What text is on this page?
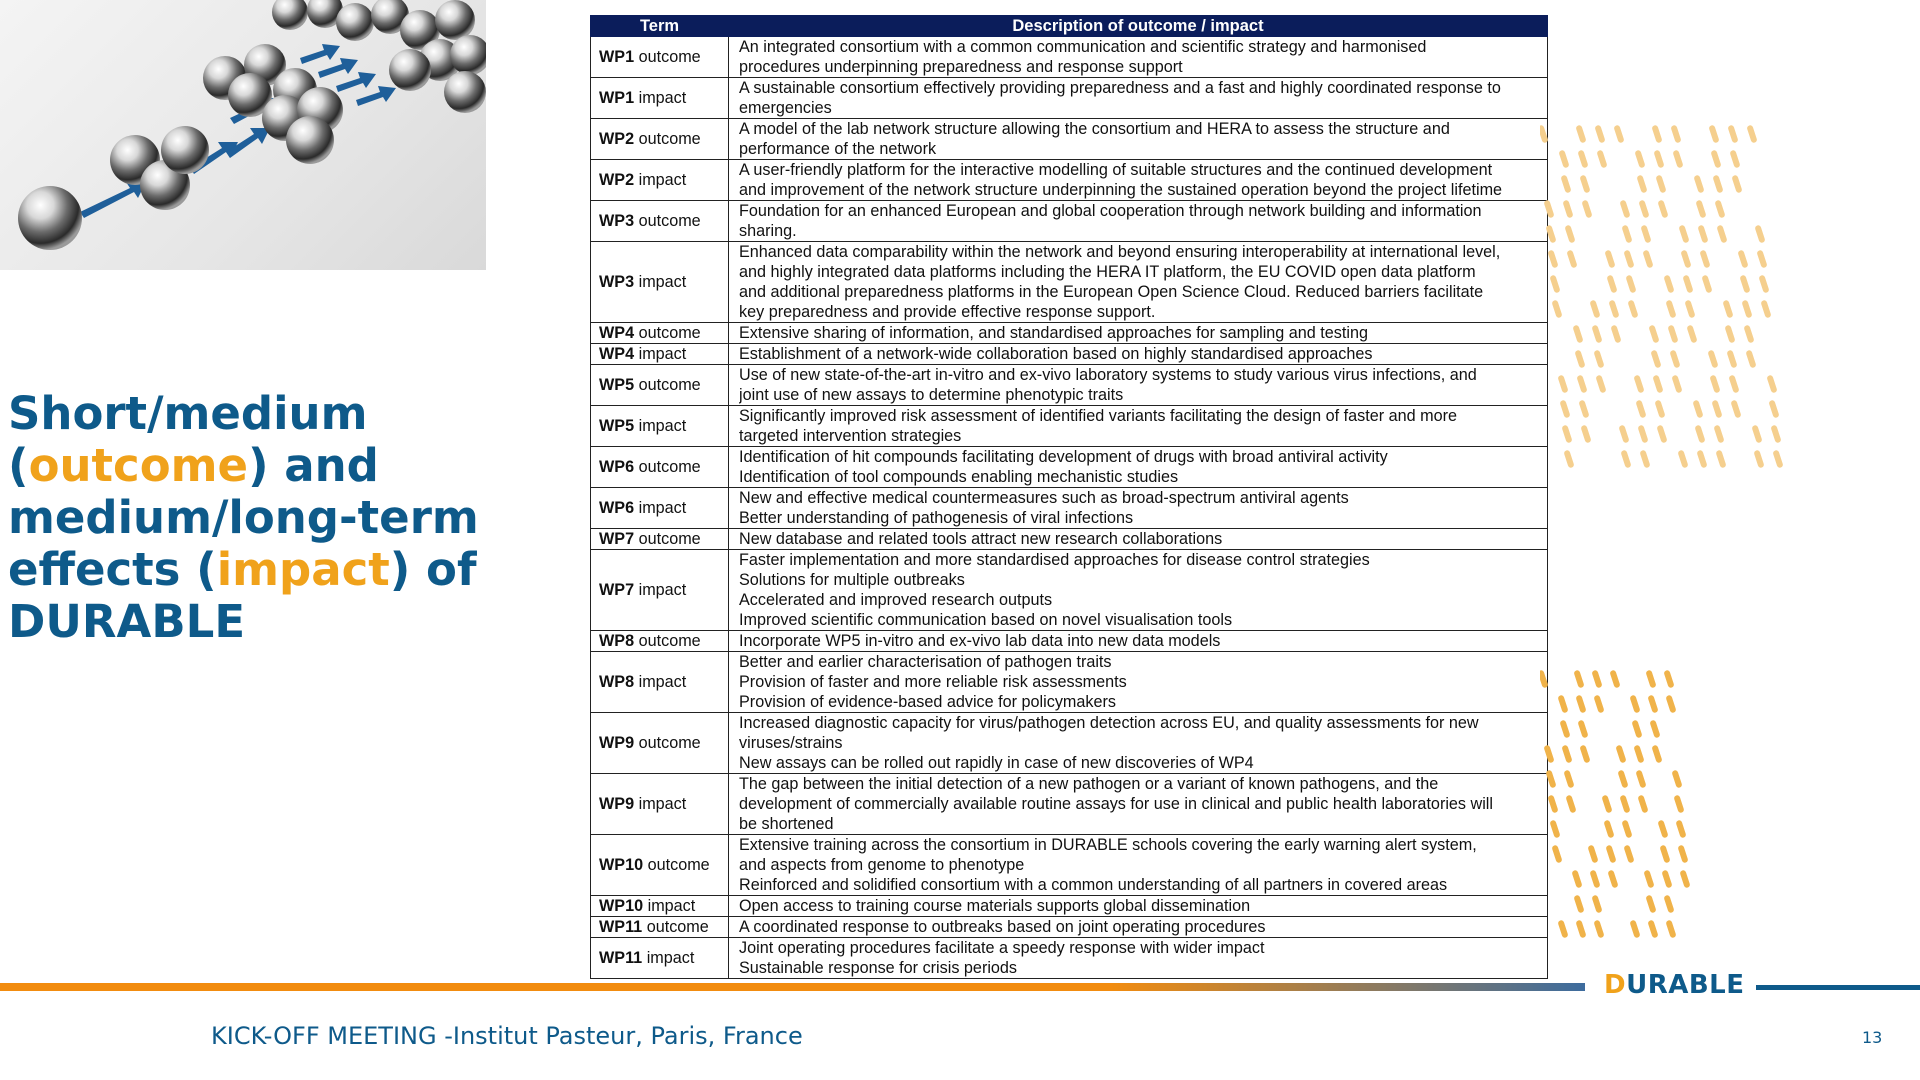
Short/medium (outcome) and medium/long-term effects (impact) of DURABLE
Term	Description of outcome / impact
WP1 outcome	An integrated consortium with a common communication and scientific strategy and harmonised
procedures underpinning preparedness and response support

WP1 impact	A sustainable consortium effectively providing preparedness and a fast and highly coordinated response to
emergencies

WP2 outcome	A model of the lab network structure allowing the consortium and HERA to assess the structure and
performance of the network

WP2 impact	A user-friendly platform for the interactive modelling of suitable structures and the continued development
and improvement of the network structure underpinning the sustained operation beyond the project lifetime

WP3 outcome	Foundation for an enhanced European and global cooperation through network building and information
sharing.

WP3 impact	Enhanced data comparability within the network and beyond ensuring interoperability at international level,
and highly integrated data platforms including the HERA IT platform, the EU COVID open data platform
and additional preparedness platforms in the European Open Science Cloud. Reduced barriers facilitate
key preparedness and provide effective response support.

WP4 outcome	Extensive sharing of information, and standardised approaches for sampling and testing

WP4 impact	Establishment of a network-wide collaboration based on highly standardised approaches

WP5 outcome	Use of new state-of-the-art in-vitro and ex-vivo laboratory systems to study various virus infections, and
joint use of new assays to determine phenotypic traits

WP5 impact	Significantly improved risk assessment of identified variants facilitating the design of faster and more
targeted intervention strategies

WP6 outcome	Identification of hit compounds facilitating development of drugs with broad antiviral activity
Identification of tool compounds enabling mechanistic studies

WP6 impact	New and effective medical countermeasures such as broad-spectrum antiviral agents
Better understanding of pathogenesis of viral infections

WP7 outcome	New database and related tools attract new research collaborations

WP7 impact	Faster implementation and more standardised approaches for disease control strategies
Solutions for multiple outbreaks
Accelerated and improved research outputs
Improved scientific communication based on novel visualisation tools

WP8 outcome	Incorporate WP5 in-vitro and ex-vivo lab data into new data models

WP8 impact	Better and earlier characterisation of pathogen traits
Provision of faster and more reliable risk assessments
Provision of evidence-based advice for policymakers

WP9 outcome	Increased diagnostic capacity for virus/pathogen detection across EU, and quality assessments for new
viruses/strains
New assays can be rolled out rapidly in case of new discoveries of WP4

WP9 impact	The gap between the initial detection of a new pathogen or a variant of known pathogens, and the
development of commercially available routine assays for use in clinical and public health laboratories will
be shortened

WP10 outcome	Extensive training across the consortium in DURABLE schools covering the early warning alert system,
and aspects from genome to phenotype
Reinforced and solidified consortium with a common understanding of all partners in covered areas

WP10 impact	Open access to training course materials supports global dissemination

WP11 outcome	A coordinated response to outbreaks based on joint operating procedures

WP11 impact	Joint operating procedures facilitate a speedy response with wider impact
Sustainable response for crisis periods
DURABLE
KICK-OFF MEETING -Institut Pasteur, Paris, France	13
